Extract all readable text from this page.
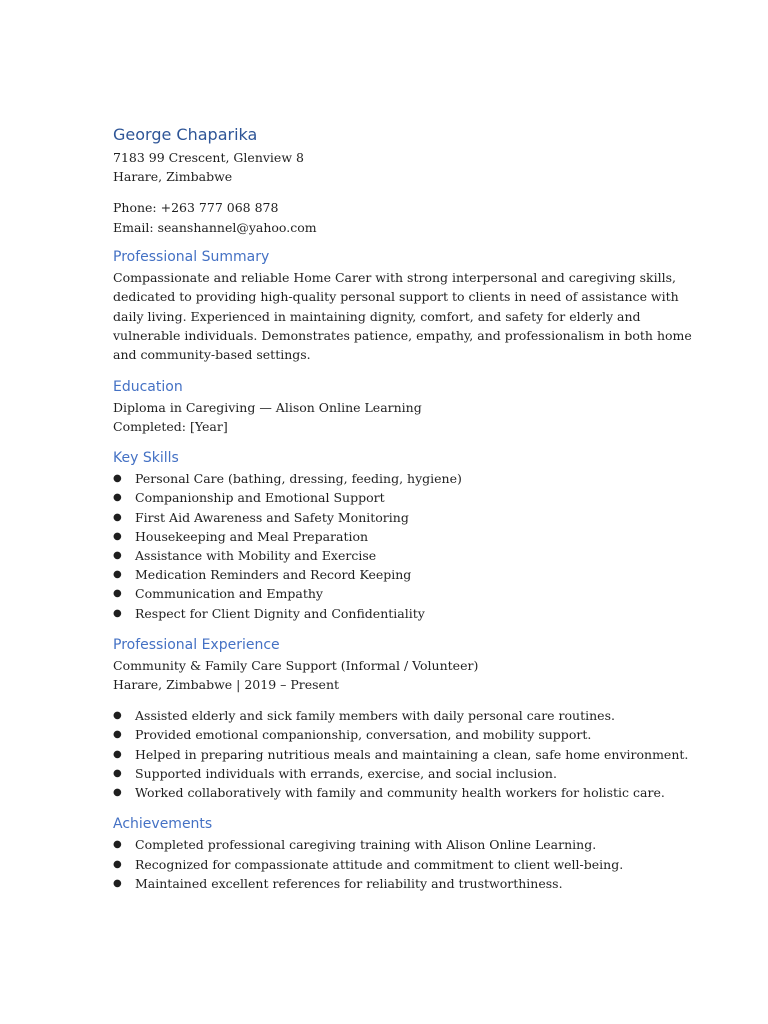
George Chaparika
7183 99 Crescent, Glenview 8
Harare, Zimbabwe
Phone: +263 777 068 878
Email: seanshannel@yahoo.com
Professional Summary
Compassionate and reliable Home Carer with strong interpersonal and caregiving skills,
dedicated to providing high-quality personal support to clients in need of assistance with
daily living. Experienced in maintaining dignity, comfort, and safety for elderly and
vulnerable individuals. Demonstrates patience, empathy, and professionalism in both home
and community-based settings.
Education
Diploma in Caregiving — Alison Online Learning
Completed: [Year]
Key Skills
● Personal Care (bathing, dressing, feeding, hygiene)
● Companionship and Emotional Support
● First Aid Awareness and Safety Monitoring
● Housekeeping and Meal Preparation
● Assistance with Mobility and Exercise
● Medication Reminders and Record Keeping
● Communication and Empathy
● Respect for Client Dignity and Confidentiality
Professional Experience
Community & Family Care Support (Informal / Volunteer)
Harare, Zimbabwe | 2019 – Present
● Assisted elderly and sick family members with daily personal care routines.
● Provided emotional companionship, conversation, and mobility support.
● Helped in preparing nutritious meals and maintaining a clean, safe home environment.
● Supported individuals with errands, exercise, and social inclusion.
● Worked collaboratively with family and community health workers for holistic care.
Achievements
● Completed professional caregiving training with Alison Online Learning.
● Recognized for compassionate attitude and commitment to client well-being.
● Maintained excellent references for reliability and trustworthiness.
